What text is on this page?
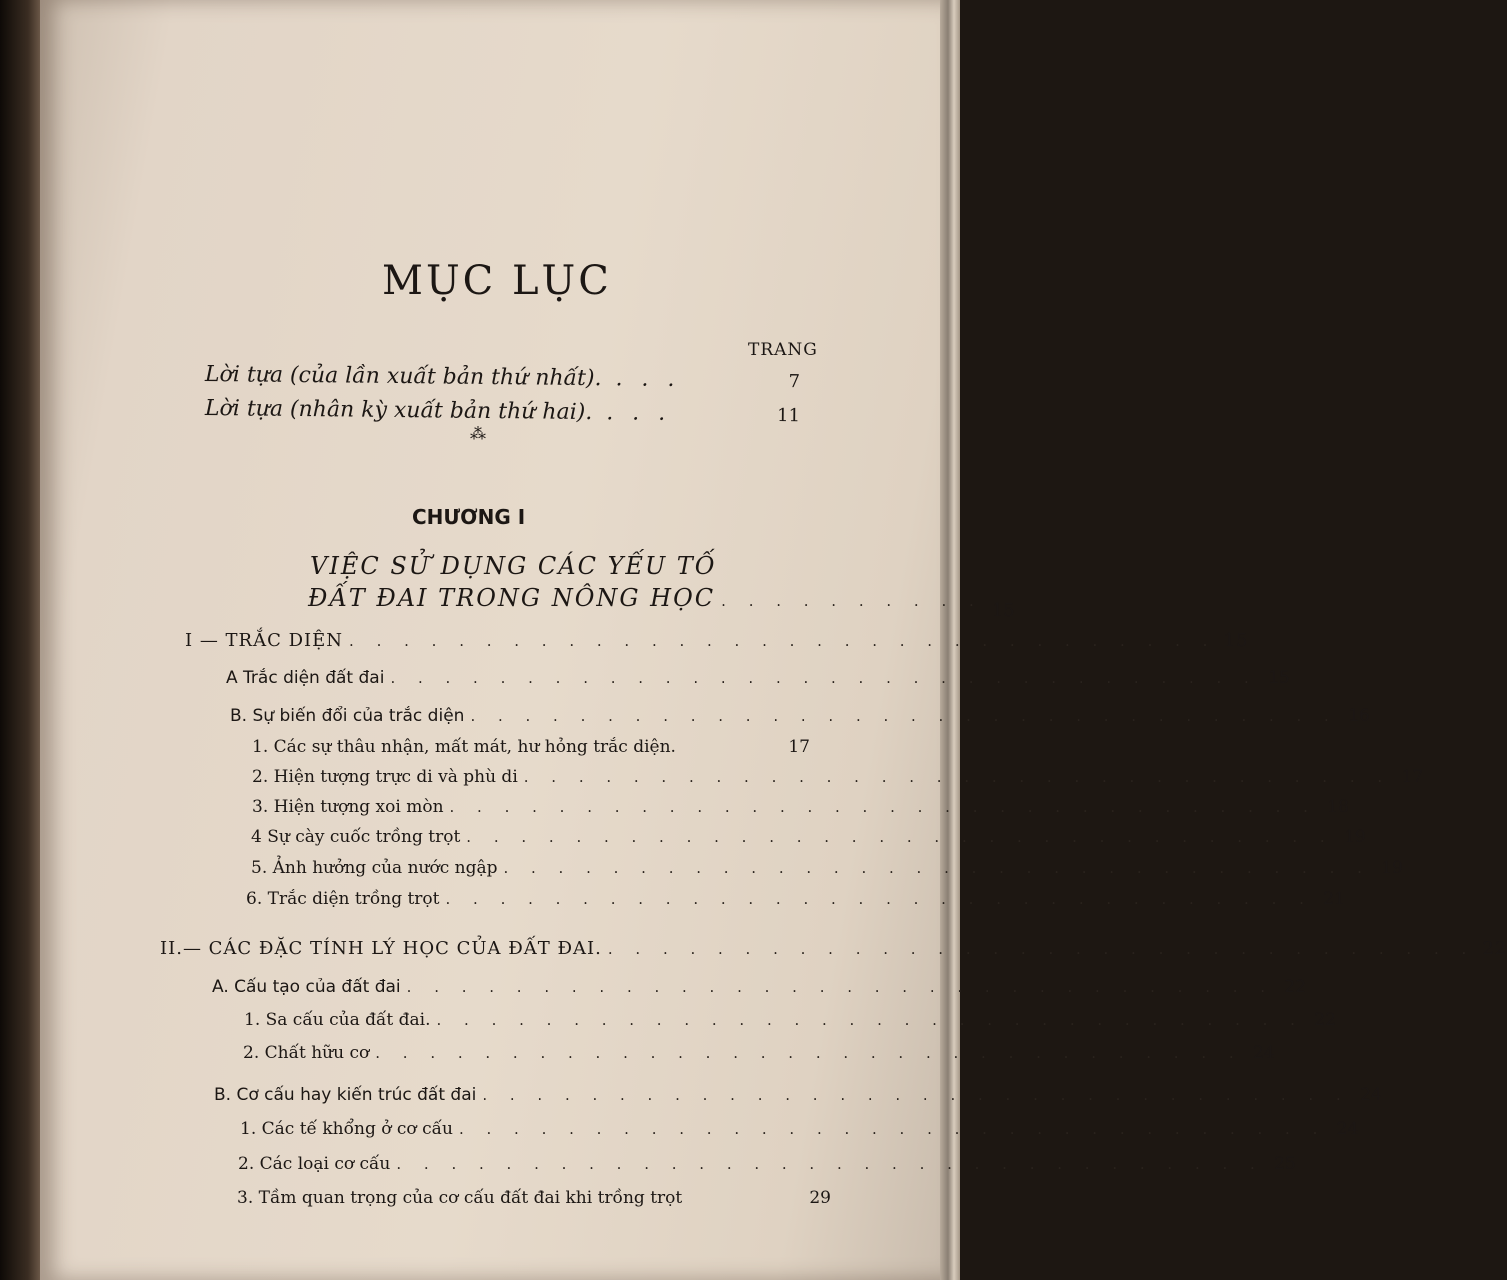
MỤC LỤC
TRANG
Lời tựa (của lần xuất bản thứ nhất). . . .	7
Lời tựa (nhân kỳ xuất bản thứ hai). . . .	11
⁂
CHƯƠNG I
VIỆC SỬ DỤNG CÁC YẾU TỐ
ĐẤT ĐAI TRONG NÔNG HỌC . . . . . . . . . . 15
I — TRẮC DIỆN . . . . . . . . . . . . . . . . . . . . . . . . . . . . . . . . 15
A Trắc diện đất đai . . . . . . . . . . . . . . . . . . . . . . . . . . . . . . . . 15
B. Sự biến đổi của trắc diện . . . . . . . . . . . . . . . . . . . . . . . . . . . . . . . . 16
1. Các sự thâu nhận, mất mát, hư hỏng trắc diện.	17
2. Hiện tượng trực di và phù di . . . . . . . . . . . . . . . . . . . . . . . . . . . . . . . . 17
3. Hiện tượng xoi mòn . . . . . . . . . . . . . . . . . . . . . . . . . . . . . . . . 18
4 Sự cày cuốc trồng trọt . . . . . . . . . . . . . . . . . . . . . . . . . . . . . . . . 19
5. Ảnh hưởng của nước ngập . . . . . . . . . . . . . . . . . . . . . . . . . . . . . . . . 19
6. Trắc diện trồng trọt . . . . . . . . . . . . . . . . . . . . . . . . . . . . . . . . 21
II.— CÁC ĐẶC TÍNH LÝ HỌC CỦA ĐẤT ĐAI. . . . . . . . . . . . . . . . . . . . . . . . . . . . . . . . . 22
A. Cấu tạo của đất đai . . . . . . . . . . . . . . . . . . . . . . . . . . . . . . . . 22
1. Sa cấu của đất đai. . . . . . . . . . . . . . . . . . . . . . . . . . . . . . . . . 22
2. Chất hữu cơ . . . . . . . . . . . . . . . . . . . . . . . . . . . . . . . . 24
B. Cơ cấu hay kiến trúc đất đai . . . . . . . . . . . . . . . . . . . . . . . . . . . . . . . . 24
1. Các tế khổng ở cơ cấu . . . . . . . . . . . . . . . . . . . . . . . . . . . . . . . . 24
2. Các loại cơ cấu . . . . . . . . . . . . . . . . . . . . . . . . . . . . . . . . 25
3. Tầm quan trọng của cơ cấu đất đai khi trồng trọt	29
